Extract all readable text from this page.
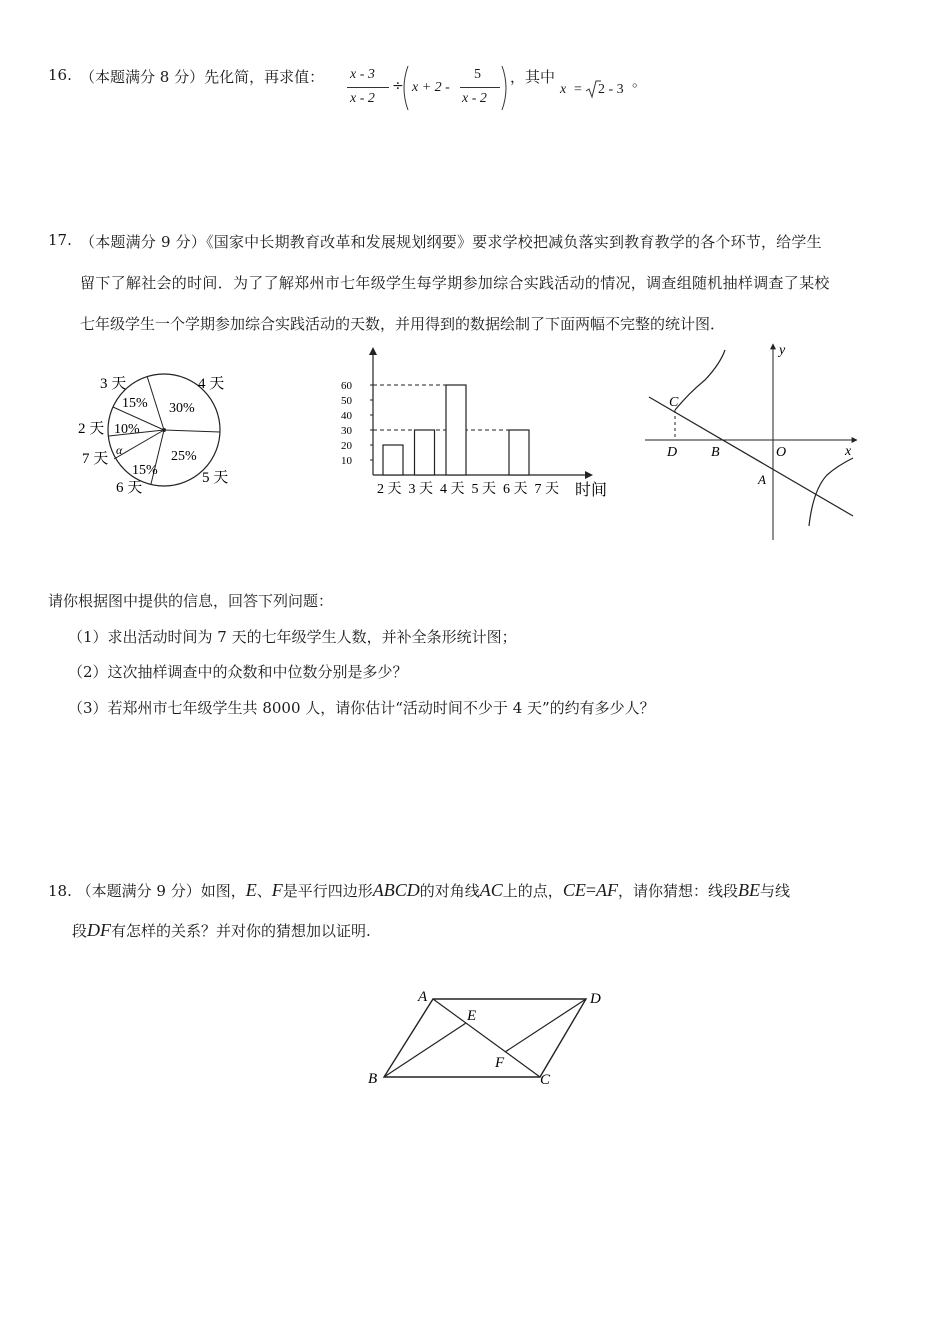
16. （本题满分 8 分）先化简，再求值： x - 3
x - 2
÷ x + 2 -
5
x - 2
，其中
x = 2 - 3 。
17. （本题满分 9 分）《国家中长期教育改革和发展规划纲要》要求学校把减负落实到教育教学的各个环节，给学生
留下了解社会的时间．为了了解郑州市七年级学生每学期参加综合实践活动的情况，调查组随机抽样调查了某校
七年级学生一个学期参加综合实践活动的天数，并用得到的数据绘制了下面两幅不完整的统计图．
3 天	4 天
2 天
7 天
6 天
5 天
15% 30%
10%
25%
15%
α
10
20
30
40
50
60
2 天 3 天 4 天 5 天 6 天 7 天 时间
y
x
C
D B	O
A
请你根据图中提供的信息，回答下列问题：
（1）求出活动时间为 7 天的七年级学生人数，并补全条形统计图；
（2）这次抽样调查中的众数和中位数分别是多少？
（3）若郑州市七年级学生共 8000 人，请你估计“活动时间不少于 4 天”的约有多少人？
18. （本题满分 9 分）如图，E、F是平行四边形ABCD的对角线AC上的点，CE=AF，请你猜想：线段BE与线
段DF有怎样的关系？并对你的猜想加以证明.
A	D
B	C
E
F
